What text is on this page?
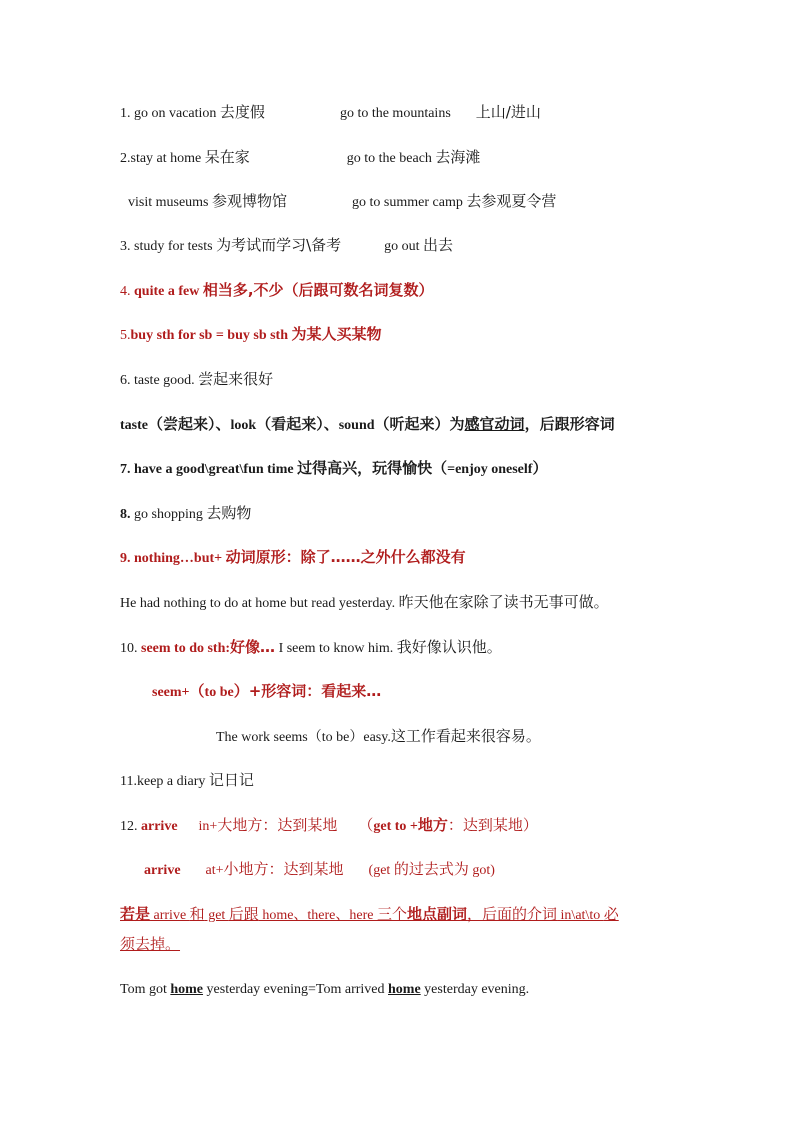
1. go on vacation 去度假	go to the mountains 上山/进山
2.stay at home 呆在家	go to the beach 去海滩
visit museums 参观博物馆	go to summer camp 去参观夏令营
3. study for tests 为考试而学习\备考	go out 出去
4. quite a few 相当多,不少（后跟可数名词复数）
5.buy sth for sb = buy sb sth 为某人买某物
6. taste good. 尝起来很好
taste（尝起来）、look（看起来）、sound（听起来）为感官动词，后跟形容词
7. have a good\great\fun time 过得高兴，玩得愉快（=enjoy oneself）
8. go shopping 去购物
9. nothing…but+ 动词原形：除了……之外什么都没有
He had nothing to do at home but read yesterday. 昨天他在家除了读书无事可做。
10. seem to do sth:好像… I seem to know him. 我好像认识他。
seem+（to be）+形容词：看起来…
The work seems（to be）easy.这工作看起来很容易。
11.keep a diary 记日记
12. arrive in+大地方：达到某地 （get to +地方：达到某地）
arrive at+小地方：达到某地 (get 的过去式为 got)
若是 arrive 和 get 后跟 home、there、here 三个地点副词，后面的介词 in\at\to 必
须去掉。
Tom got home yesterday evening=Tom arrived home yesterday evening.
